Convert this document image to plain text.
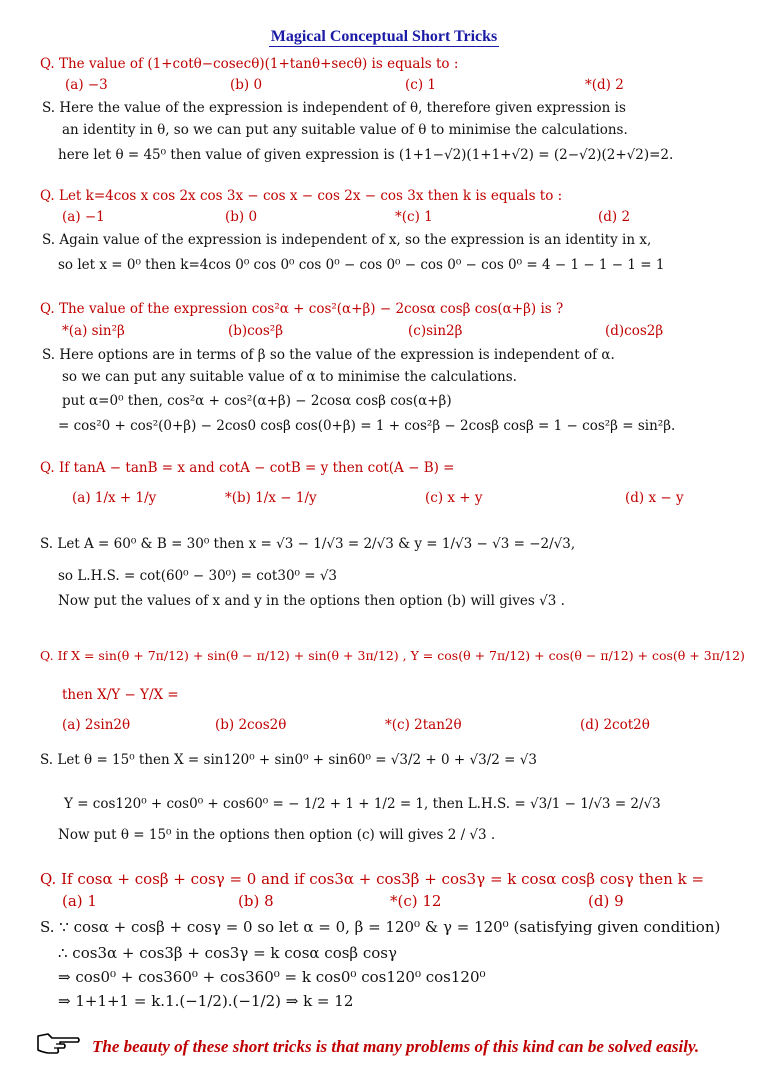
Magical Conceptual Short Tricks
Q. The value of (1+cotθ−cosecθ)(1+tanθ+secθ) is equals to :
(a) −3	(b) 0	(c) 1	*(d) 2
S. Here the value of the expression is independent of θ, therefore given expression is
an identity in θ, so we can put any suitable value of θ to minimise the calculations.
here let θ = 45⁰ then value of given expression is (1+1−√2)(1+1+√2) = (2−√2)(2+√2)=2.
Q. Let k=4cos x cos 2x cos 3x − cos x − cos 2x − cos 3x then k is equals to :
(a) −1	(b) 0	*(c) 1	(d) 2
S. Again value of the expression is independent of x, so the expression is an identity in x,
so let x = 0⁰ then k=4cos 0⁰ cos 0⁰ cos 0⁰ − cos 0⁰ − cos 0⁰ − cos 0⁰ = 4 − 1 − 1 − 1 = 1
Q. The value of the expression cos²α + cos²(α+β) − 2cosα cosβ cos(α+β) is ?
*(a) sin²β	(b)cos²β	(c)sin2β	(d)cos2β
S. Here options are in terms of β so the value of the expression is independent of α.
so we can put any suitable value of α to minimise the calculations.
put α=0⁰ then, cos²α + cos²(α+β) − 2cosα cosβ cos(α+β)
= cos²0 + cos²(0+β) − 2cos0 cosβ cos(0+β) = 1 + cos²β − 2cosβ cosβ = 1 − cos²β = sin²β.
Q. If tanA − tanB = x and cotA − cotB = y then cot(A − B) =
(a) 1/x + 1/y	*(b) 1/x − 1/y	(c) x + y	(d) x − y
S. Let A = 60⁰ & B = 30⁰ then x = √3 − 1/√3 = 2/√3 & y = 1/√3 − √3 = −2/√3,
so L.H.S. = cot(60⁰ − 30⁰) = cot30⁰ = √3
Now put the values of x and y in the options then option (b) will gives √3 .
Q. If X = sin(θ + 7π/12) + sin(θ − π/12) + sin(θ + 3π/12) , Y = cos(θ + 7π/12) + cos(θ − π/12) + cos(θ + 3π/12)
then X/Y − Y/X =
(a) 2sin2θ	(b) 2cos2θ	*(c) 2tan2θ	(d) 2cot2θ
S. Let θ = 15⁰ then X = sin120⁰ + sin0⁰ + sin60⁰ = √3/2 + 0 + √3/2 = √3
Y = cos120⁰ + cos0⁰ + cos60⁰ = − 1/2 + 1 + 1/2 = 1, then L.H.S. = √3/1 − 1/√3 = 2/√3
Now put θ = 15⁰ in the options then option (c) will gives 2 / √3 .
Q. If cosα + cosβ + cosγ = 0 and if cos3α + cos3β + cos3γ = k cosα cosβ cosγ then k =
(a) 1	(b) 8	*(c) 12	(d) 9
S. ∵ cosα + cosβ + cosγ = 0 so let α = 0, β = 120⁰ & γ = 120⁰ (satisfying given condition)
∴ cos3α + cos3β + cos3γ = k cosα cosβ cosγ
⇒ cos0⁰ + cos360⁰ + cos360⁰ = k cos0⁰ cos120⁰ cos120⁰
⇒ 1+1+1 = k.1.(−1/2).(−1/2) ⇒ k = 12
The beauty of these short tricks is that many problems of this kind can be solved easily.
